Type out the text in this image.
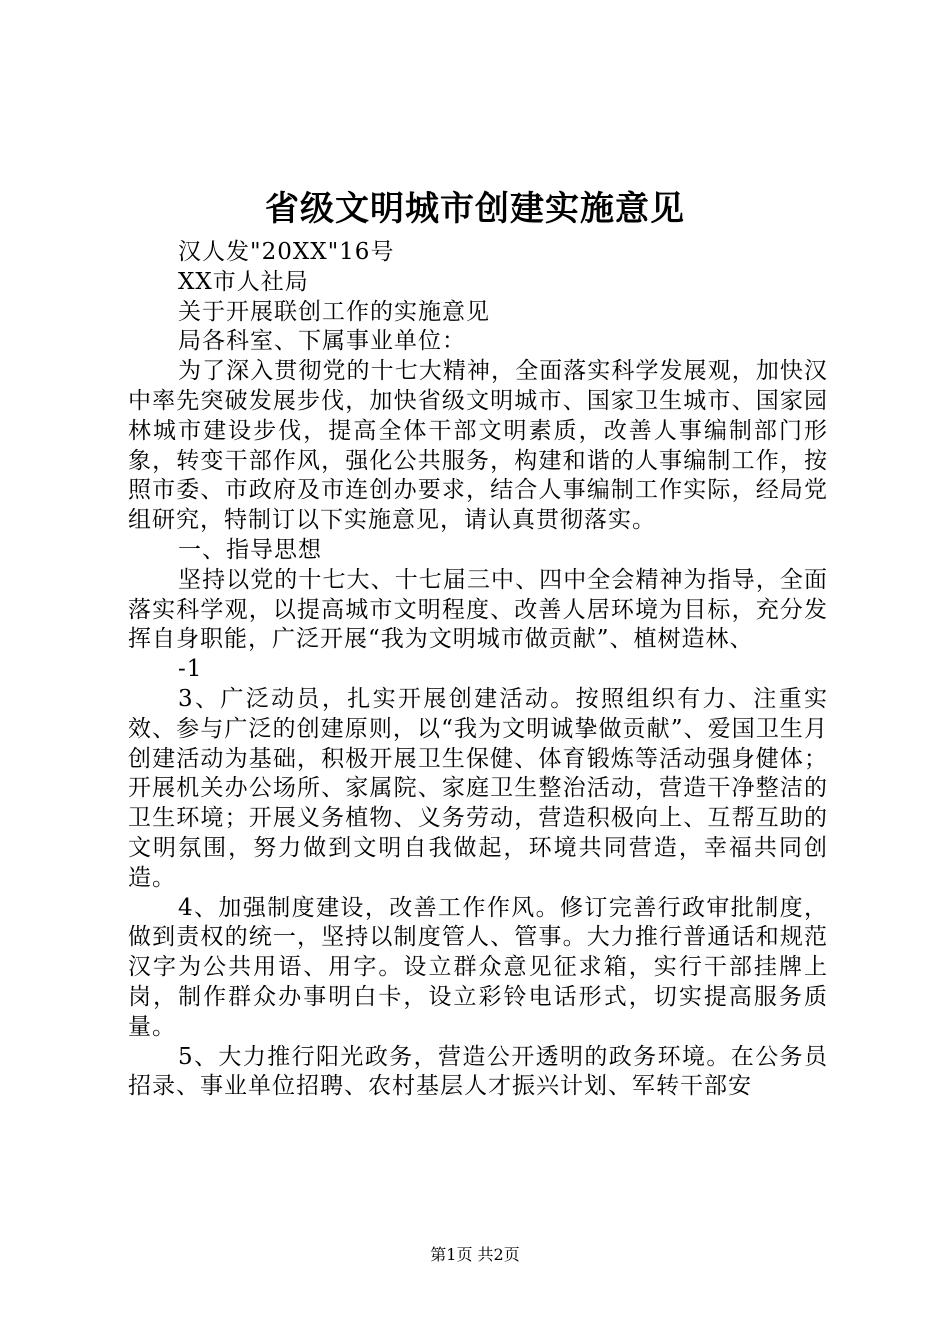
省级文明城市创建实施意见

汉人发"20XX"16号

XX市人社局

关于开展联创工作的实施意见

局各科室、下属事业单位：

为了深入贯彻党的十七大精神，全面落实科学发展观，加快汉中率先突破发展步伐，加快省级文明城市、国家卫生城市、国家园林城市建设步伐，提高全体干部文明素质，改善人事编制部门形象，转变干部作风，强化公共服务，构建和谐的人事编制工作，按照市委、市政府及市连创办要求，结合人事编制工作实际，经局党组研究，特制订以下实施意见，请认真贯彻落实。

一、指导思想

坚持以党的十七大、十七届三中、四中全会精神为指导，全面落实科学观，以提高城市文明程度、改善人居环境为目标，充分发挥自身职能，广泛开展“我为文明城市做贡献”、植树造林、

-1

3、广泛动员，扎实开展创建活动。按照组织有力、注重实效、参与广泛的创建原则，以“我为文明诚挚做贡献”、爱国卫生月创建活动为基础，积极开展卫生保健、体育锻炼等活动强身健体；开展机关办公场所、家属院、家庭卫生整治活动，营造干净整洁的卫生环境；开展义务植物、义务劳动，营造积极向上、互帮互助的文明氛围，努力做到文明自我做起，环境共同营造，幸福共同创造。

4、加强制度建设，改善工作作风。修订完善行政审批制度，做到责权的统一，坚持以制度管人、管事。大力推行普通话和规范汉字为公共用语、用字。设立群众意见征求箱，实行干部挂牌上岗，制作群众办事明白卡，设立彩铃电话形式，切实提高服务质量。

5、大力推行阳光政务，营造公开透明的政务环境。在公务员招录、事业单位招聘、农村基层人才振兴计划、军转干部安

第1页 共2页
